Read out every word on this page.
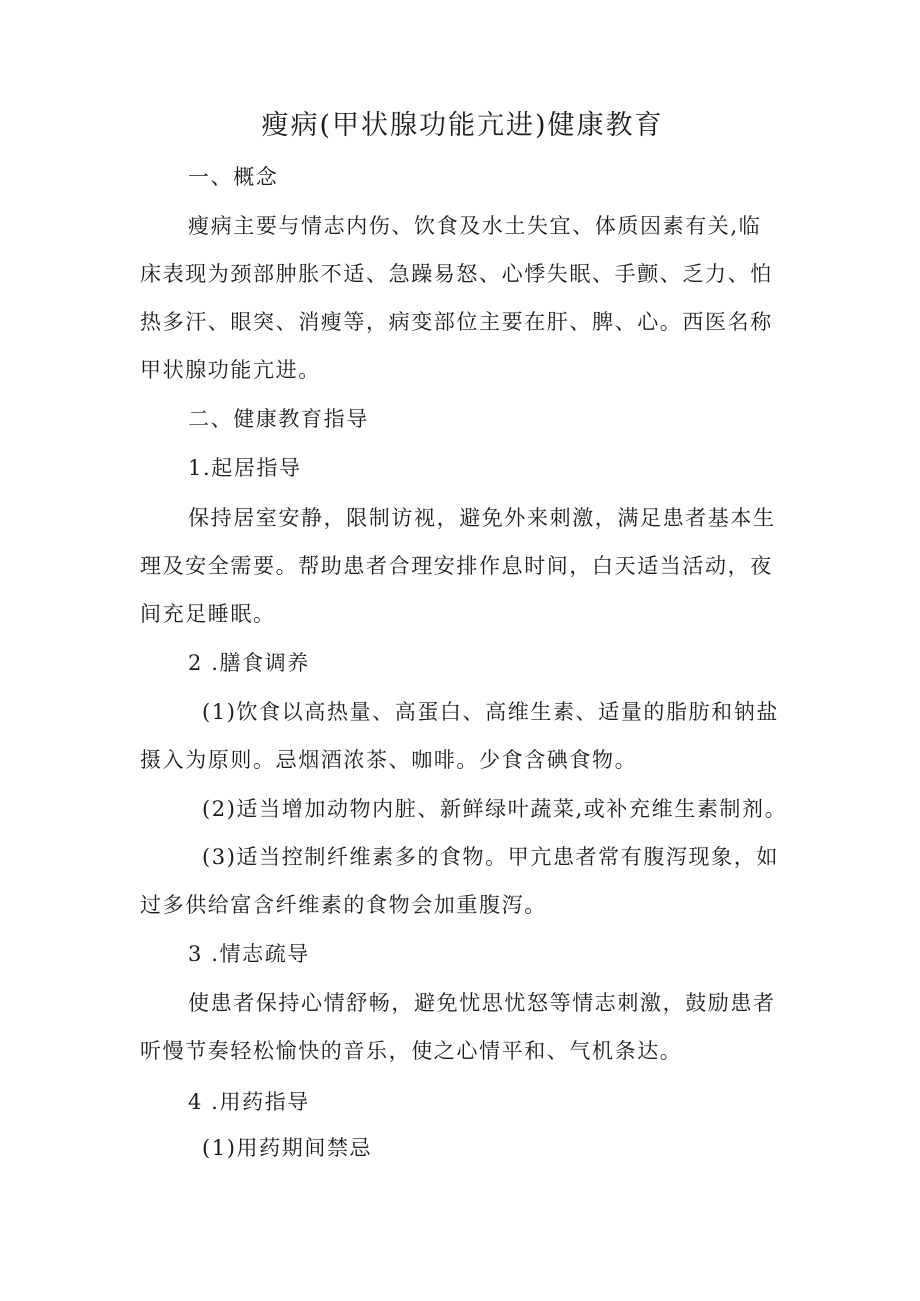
瘦病(甲状腺功能亢进)健康教育
一、概念
瘦病主要与情志内伤、饮食及水土失宜、体质因素有关,临
床表现为颈部肿胀不适、急躁易怒、心悸失眠、手颤、乏力、怕
热多汗、眼突、消瘦等，病变部位主要在肝、脾、心。西医名称
甲状腺功能亢进。
二、健康教育指导
1.起居指导
保持居室安静，限制访视，避免外来刺激，满足患者基本生
理及安全需要。帮助患者合理安排作息时间，白天适当活动，夜
间充足睡眠。
2 .膳食调养
(1)饮食以高热量、高蛋白、高维生素、适量的脂肪和钠盐
摄入为原则。忌烟酒浓茶、咖啡。少食含碘食物。
(2)适当增加动物内脏、新鲜绿叶蔬菜,或补充维生素制剂。
(3)适当控制纤维素多的食物。甲亢患者常有腹泻现象，如
过多供给富含纤维素的食物会加重腹泻。
3 .情志疏导
使患者保持心情舒畅，避免忧思忧怒等情志刺激，鼓励患者
听慢节奏轻松愉快的音乐，使之心情平和、气机条达。
4 .用药指导
(1)用药期间禁忌
